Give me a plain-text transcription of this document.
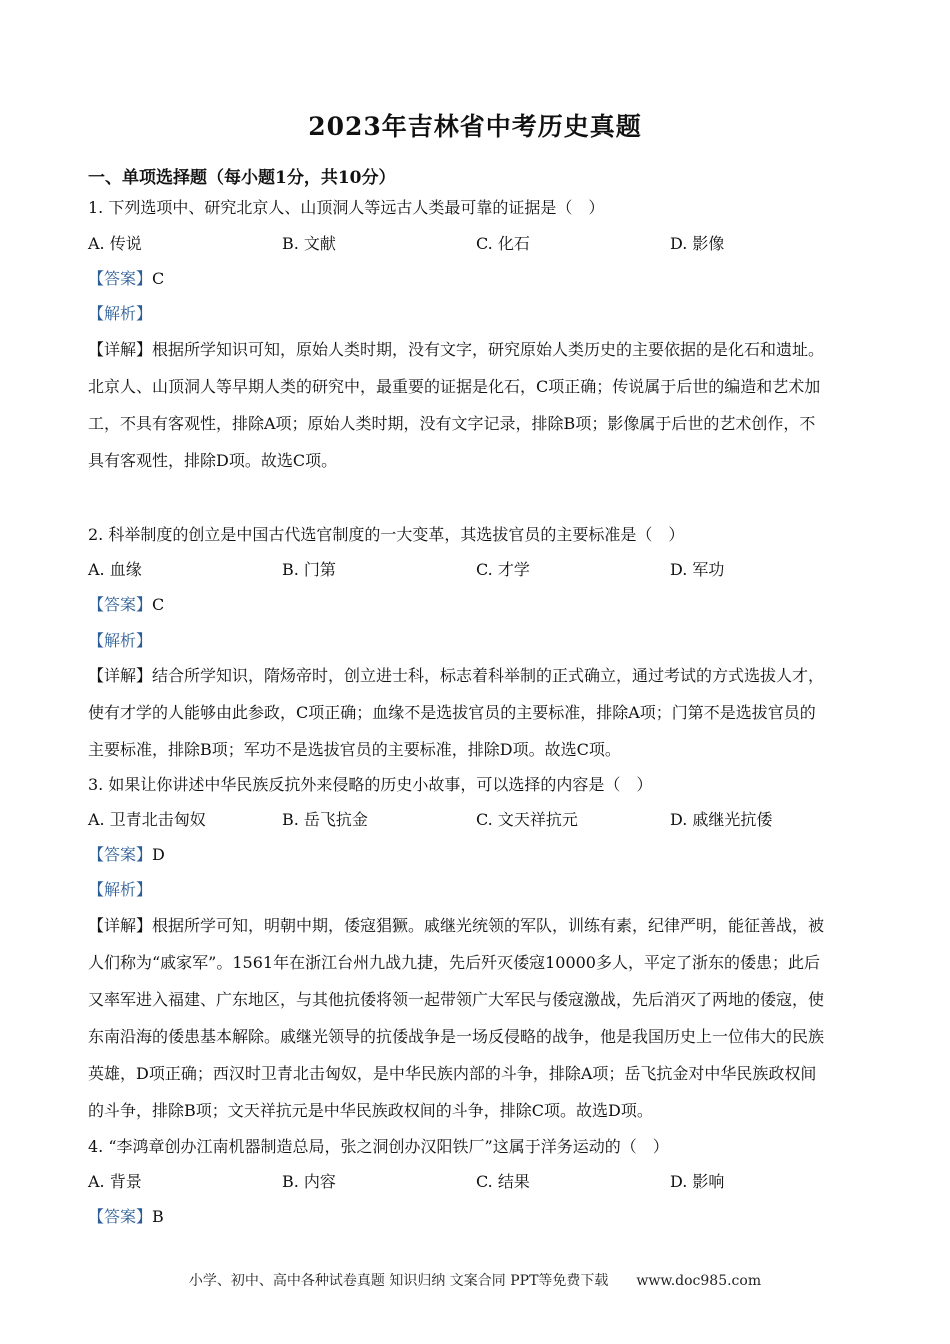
2023年吉林省中考历史真题
一、单项选择题（每小题1分，共10分）
1. 下列选项中、研究北京人、山顶洞人等远古人类最可靠的证据是（　）
A. 传说	B. 文献	C. 化石	D. 影像
【答案】C
【解析】
【详解】根据所学知识可知，原始人类时期，没有文字，研究原始人类历史的主要依据的是化石和遗址。
北京人、山顶洞人等早期人类的研究中，最重要的证据是化石，C项正确；传说属于后世的编造和艺术加
工，不具有客观性，排除A项；原始人类时期，没有文字记录，排除B项；影像属于后世的艺术创作，不
具有客观性，排除D项。故选C项。
2. 科举制度的创立是中国古代选官制度的一大变革，其选拔官员的主要标准是（　）
A. 血缘	B. 门第	C. 才学	D. 军功
【答案】C
【解析】
【详解】结合所学知识，隋炀帝时，创立进士科，标志着科举制的正式确立，通过考试的方式选拔人才，
使有才学的人能够由此参政，C项正确；血缘不是选拔官员的主要标准，排除A项；门第不是选拔官员的
主要标准，排除B项；军功不是选拔官员的主要标准，排除D项。故选C项。
3. 如果让你讲述中华民族反抗外来侵略的历史小故事，可以选择的内容是（　）
A. 卫青北击匈奴	B. 岳飞抗金	C. 文天祥抗元	D. 戚继光抗倭
【答案】D
【解析】
【详解】根据所学可知，明朝中期，倭寇猖獗。戚继光统领的军队，训练有素，纪律严明，能征善战，被
人们称为“戚家军”。1561年在浙江台州九战九捷，先后歼灭倭寇10000多人，平定了浙东的倭患；此后
又率军进入福建、广东地区，与其他抗倭将领一起带领广大军民与倭寇激战，先后消灭了两地的倭寇，使
东南沿海的倭患基本解除。戚继光领导的抗倭战争是一场反侵略的战争，他是我国历史上一位伟大的民族
英雄，D项正确；西汉时卫青北击匈奴，是中华民族内部的斗争，排除A项；岳飞抗金对中华民族政权间
的斗争，排除B项；文天祥抗元是中华民族政权间的斗争，排除C项。故选D项。
4. “李鸿章创办江南机器制造总局，张之洞创办汉阳铁厂”这属于洋务运动的（　）
A. 背景	B. 内容	C. 结果	D. 影响
【答案】B
小学、初中、高中各种试卷真题 知识归纳 文案合同 PPT等免费下载　　www.doc985.com
